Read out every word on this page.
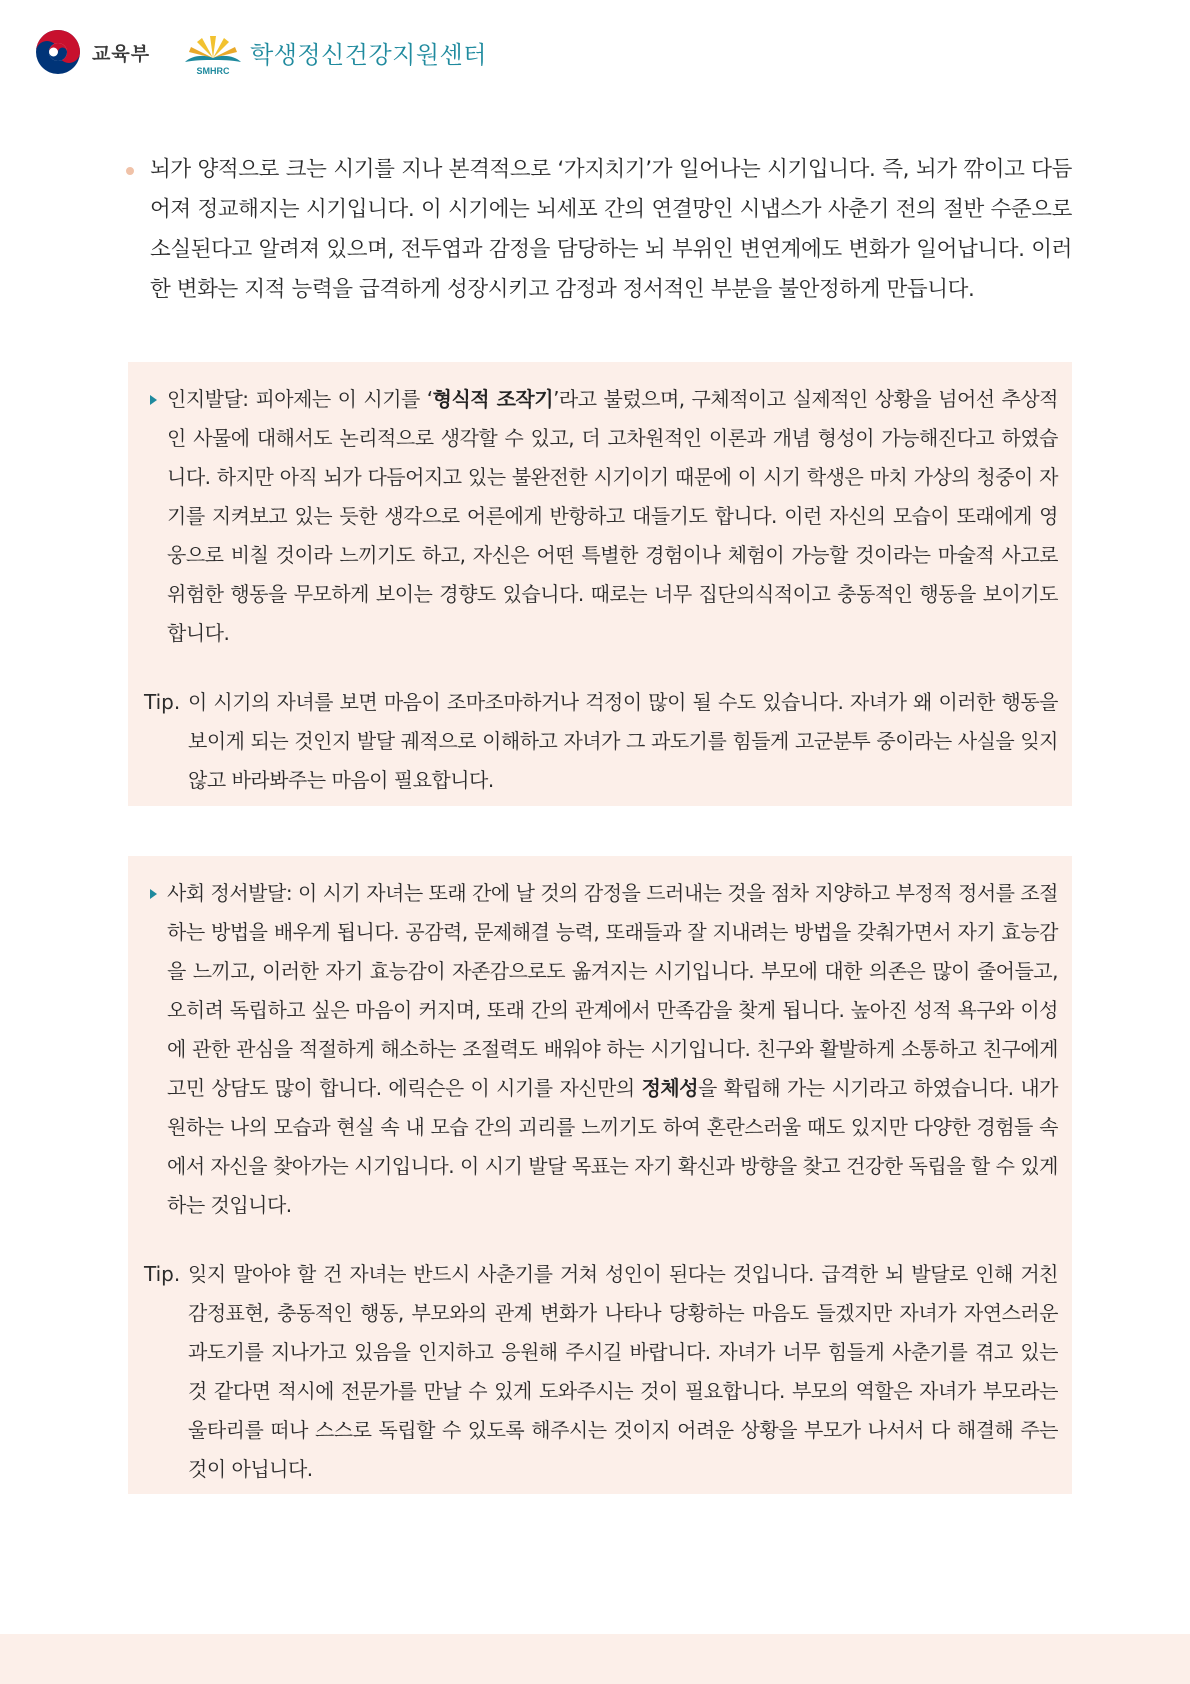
교육부
SMHRC
학생정신건강지원센터

뇌가 양적으로 크는 시기를 지나 본격적으로 ‘가지치기’가 일어나는 시기입니다. 즉, 뇌가 깎이고 다듬어져 정교해지는 시기입니다. 이 시기에는 뇌세포 간의 연결망인 시냅스가 사춘기 전의 절반 수준으로 소실된다고 알려져 있으며, 전두엽과 감정을 담당하는 뇌 부위인 변연계에도 변화가 일어납니다. 이러한 변화는 지적 능력을 급격하게 성장시키고 감정과 정서적인 부분을 불안정하게 만듭니다.

인지발달: 피아제는 이 시기를 ‘형식적 조작기’라고 불렀으며, 구체적이고 실제적인 상황을 넘어선 추상적인 사물에 대해서도 논리적으로 생각할 수 있고, 더 고차원적인 이론과 개념 형성이 가능해진다고 하였습니다. 하지만 아직 뇌가 다듬어지고 있는 불완전한 시기이기 때문에 이 시기 학생은 마치 가상의 청중이 자기를 지켜보고 있는 듯한 생각으로 어른에게 반항하고 대들기도 합니다. 이런 자신의 모습이 또래에게 영웅으로 비칠 것이라 느끼기도 하고, 자신은 어떤 특별한 경험이나 체험이 가능할 것이라는 마술적 사고로 위험한 행동을 무모하게 보이는 경향도 있습니다. 때로는 너무 집단의식적이고 충동적인 행동을 보이기도 합니다.

Tip. 이 시기의 자녀를 보면 마음이 조마조마하거나 걱정이 많이 될 수도 있습니다. 자녀가 왜 이러한 행동을 보이게 되는 것인지 발달 궤적으로 이해하고 자녀가 그 과도기를 힘들게 고군분투 중이라는 사실을 잊지 않고 바라봐주는 마음이 필요합니다.

사회 정서발달: 이 시기 자녀는 또래 간에 날 것의 감정을 드러내는 것을 점차 지양하고 부정적 정서를 조절하는 방법을 배우게 됩니다. 공감력, 문제해결 능력, 또래들과 잘 지내려는 방법을 갖춰가면서 자기 효능감을 느끼고, 이러한 자기 효능감이 자존감으로도 옮겨지는 시기입니다. 부모에 대한 의존은 많이 줄어들고, 오히려 독립하고 싶은 마음이 커지며, 또래 간의 관계에서 만족감을 찾게 됩니다. 높아진 성적 욕구와 이성에 관한 관심을 적절하게 해소하는 조절력도 배워야 하는 시기입니다. 친구와 활발하게 소통하고 친구에게 고민 상담도 많이 합니다. 에릭슨은 이 시기를 자신만의 정체성을 확립해 가는 시기라고 하였습니다. 내가 원하는 나의 모습과 현실 속 내 모습 간의 괴리를 느끼기도 하여 혼란스러울 때도 있지만 다양한 경험들 속에서 자신을 찾아가는 시기입니다. 이 시기 발달 목표는 자기 확신과 방향을 찾고 건강한 독립을 할 수 있게 하는 것입니다.

Tip. 잊지 말아야 할 건 자녀는 반드시 사춘기를 거쳐 성인이 된다는 것입니다. 급격한 뇌 발달로 인해 거친 감정표현, 충동적인 행동, 부모와의 관계 변화가 나타나 당황하는 마음도 들겠지만 자녀가 자연스러운 과도기를 지나가고 있음을 인지하고 응원해 주시길 바랍니다. 자녀가 너무 힘들게 사춘기를 겪고 있는 것 같다면 적시에 전문가를 만날 수 있게 도와주시는 것이 필요합니다. 부모의 역할은 자녀가 부모라는 울타리를 떠나 스스로 독립할 수 있도록 해주시는 것이지 어려운 상황을 부모가 나서서 다 해결해 주는 것이 아닙니다.
